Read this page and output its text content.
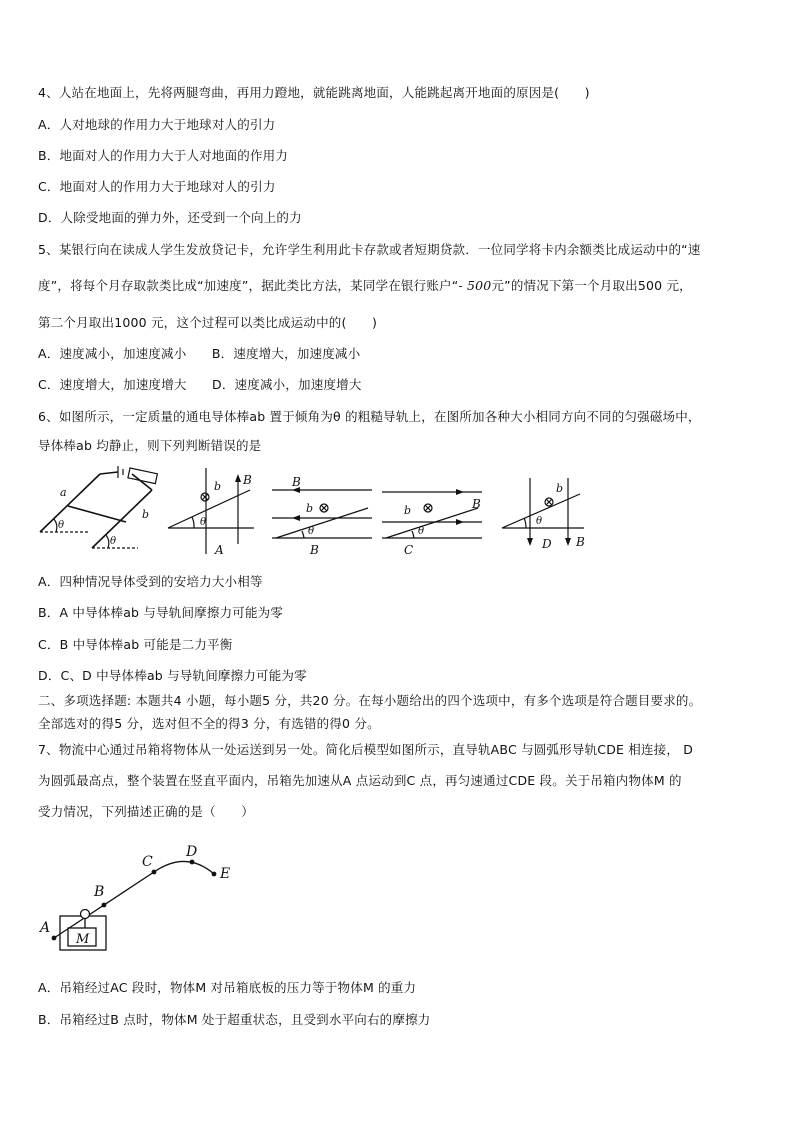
4、人站在地面上，先将两腿弯曲，再用力蹬地，就能跳离地面，人能跳起离开地面的原因是(　　)
A．人对地球的作用力大于地球对人的引力
B．地面对人的作用力大于人对地面的作用力
C．地面对人的作用力大于地球对人的引力
D．人除受地面的弹力外，还受到一个向上的力
5、某银行向在读成人学生发放贷记卡，允许学生利用此卡存款或者短期贷款．一位同学将卡内余额类比成运动中的“速
度”，将每个月存取款类比成“加速度”，据此类比方法，某同学在银行账户“- 500元”的情况下第一个月取出500 元，
第二个月取出1000 元，这个过程可以类比成运动中的(　　)
A．速度减小，加速度减小　　B．速度增大，加速度减小
C．速度增大，加速度增大　　D．速度减小，加速度增大
6、如图所示，一定质量的通电导体棒ab 置于倾角为θ 的粗糙导轨上，在图所加各种大小相同方向不同的匀强磁场中，
导体棒ab 均静止，则下列判断错误的是
a
b
θ
θ
b B
θ
A
B
b
θ
B
b	B
θ
C
b
θ
D B
A．四种情况导体受到的安培力大小相等
B．A 中导体棒ab 与导轨间摩擦力可能为零
C．B 中导体棒ab 可能是二力平衡
D．C、D 中导体棒ab 与导轨间摩擦力可能为零
二、多项选择题: 本题共4 小题，每小题5 分，共20 分。在每小题给出的四个选项中，有多个选项是符合题目要求的。
全部选对的得5 分，选对但不全的得3 分，有选错的得0 分。
7、物流中心通过吊箱将物体从一处运送到另一处。简化后模型如图所示，直导轨ABC 与圆弧形导轨CDE 相连接， D
为圆弧最高点，整个装置在竖直平面内，吊箱先加速从A 点运动到C 点，再匀速通过CDE 段。关于吊箱内物体M 的
受力情况，下列描述正确的是（　　）
A
B
C
D
E
M
A．吊箱经过AC 段时，物体M 对吊箱底板的压力等于物体M 的重力
B．吊箱经过B 点时，物体M 处于超重状态，且受到水平向右的摩擦力
